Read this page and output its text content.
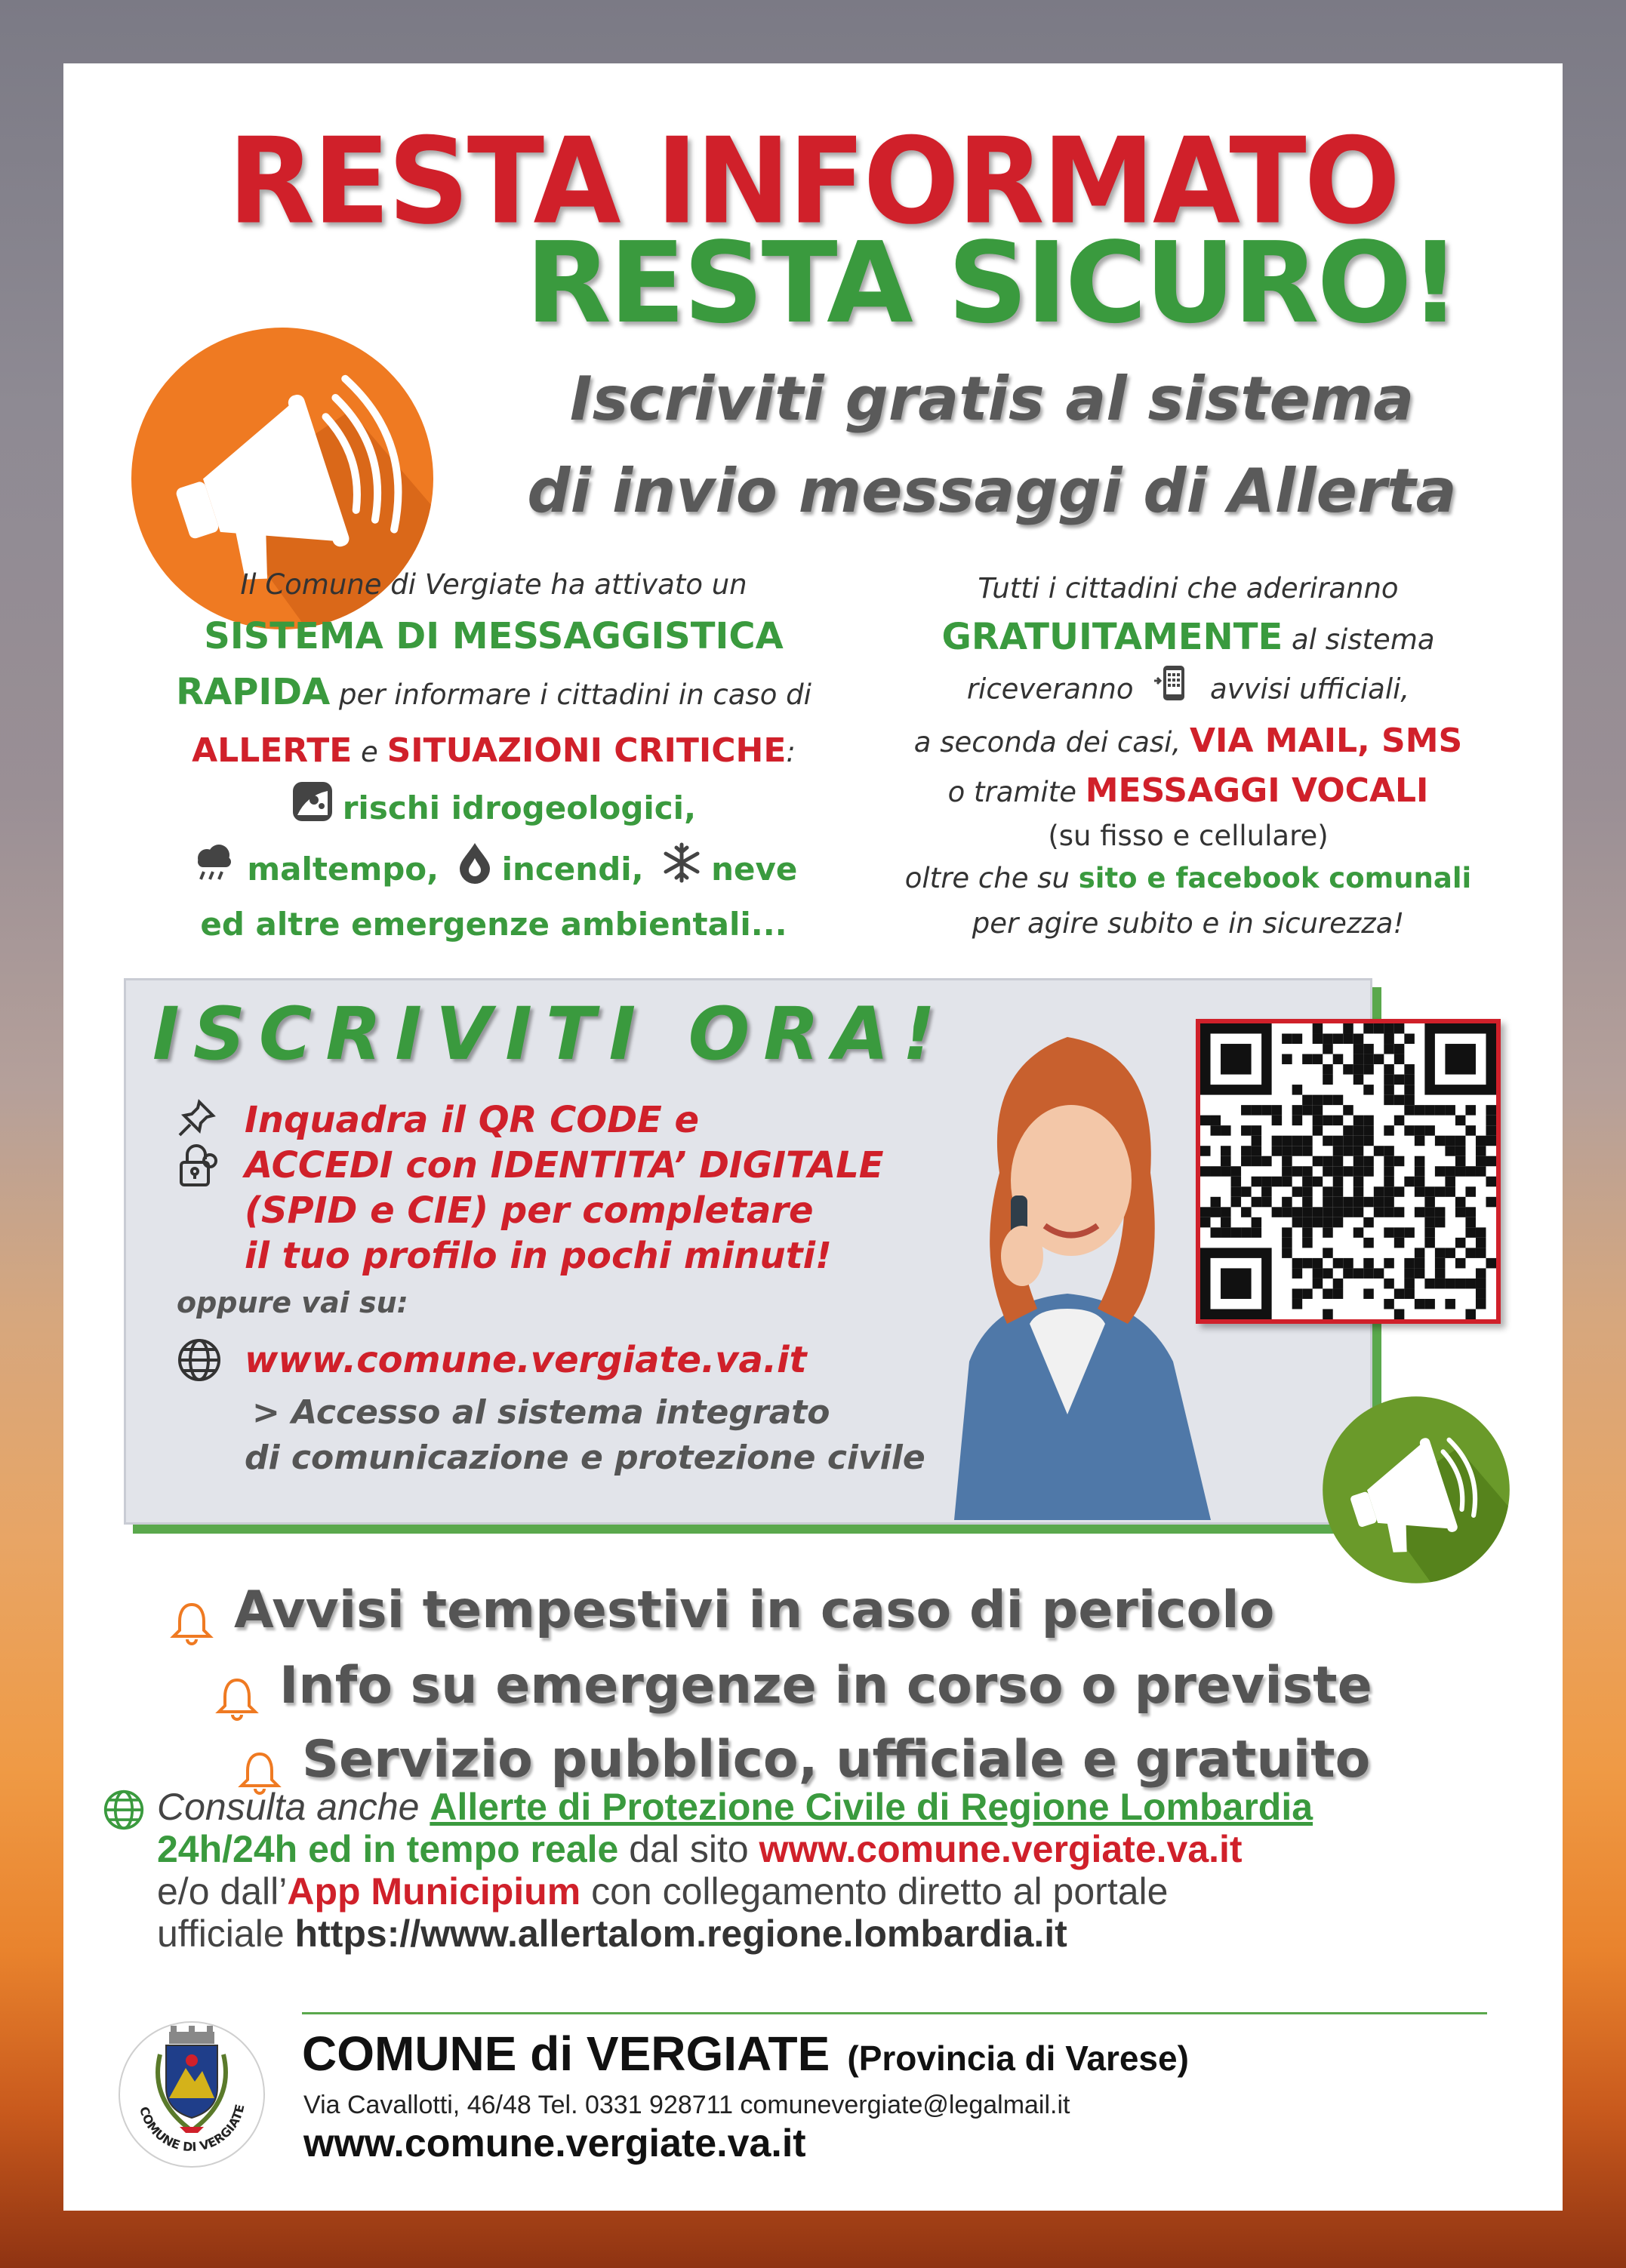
RESTA INFORMATO
RESTA SICURO!
Iscriviti gratis al sistema
di invio messaggi di Allerta
Il Comune di Vergiate ha attivato un
SISTEMA DI MESSAGGISTICA
RAPIDA per informare i cittadini in caso di
ALLERTE e SITUAZIONI CRITICHE:
rischi idrogeologici,
maltempo, incendi, neve
ed altre emergenze ambientali...
Tutti i cittadini che aderiranno
GRATUITAMENTE al sistema
riceveranno	avvisi ufficiali,
a seconda dei casi, VIA MAIL, SMS
o tramite MESSAGGI VOCALI
(su fisso e cellulare)
oltre che su sito e facebook comunali
per agire subito e in sicurezza!
ISCRIVITI ORA!
Inquadra il QR CODE e
ACCEDI con IDENTITA’ DIGITALE
(SPID e CIE) per completare
il tuo profilo in pochi minuti!
oppure vai su:
www.comune.vergiate.va.it
> Accesso al sistema integrato
di comunicazione e protezione civile
Avvisi tempestivi in caso di pericolo
Info su emergenze in corso o previste
Servizio pubblico, ufficiale e gratuito
Consulta anche Allerte di Protezione Civile di Regione Lombardia
24h/24h ed in tempo reale dal sito www.comune.vergiate.va.it
e/o dall’App Municipium con collegamento diretto al portale
ufficiale https://www.allertalom.regione.lombardia.it
COMUNE DI VERGIATE
COMUNE di VERGIATE (Provincia di Varese)
Via Cavallotti, 46/48 Tel. 0331 928711 comunevergiate@legalmail.it
www.comune.vergiate.va.it
